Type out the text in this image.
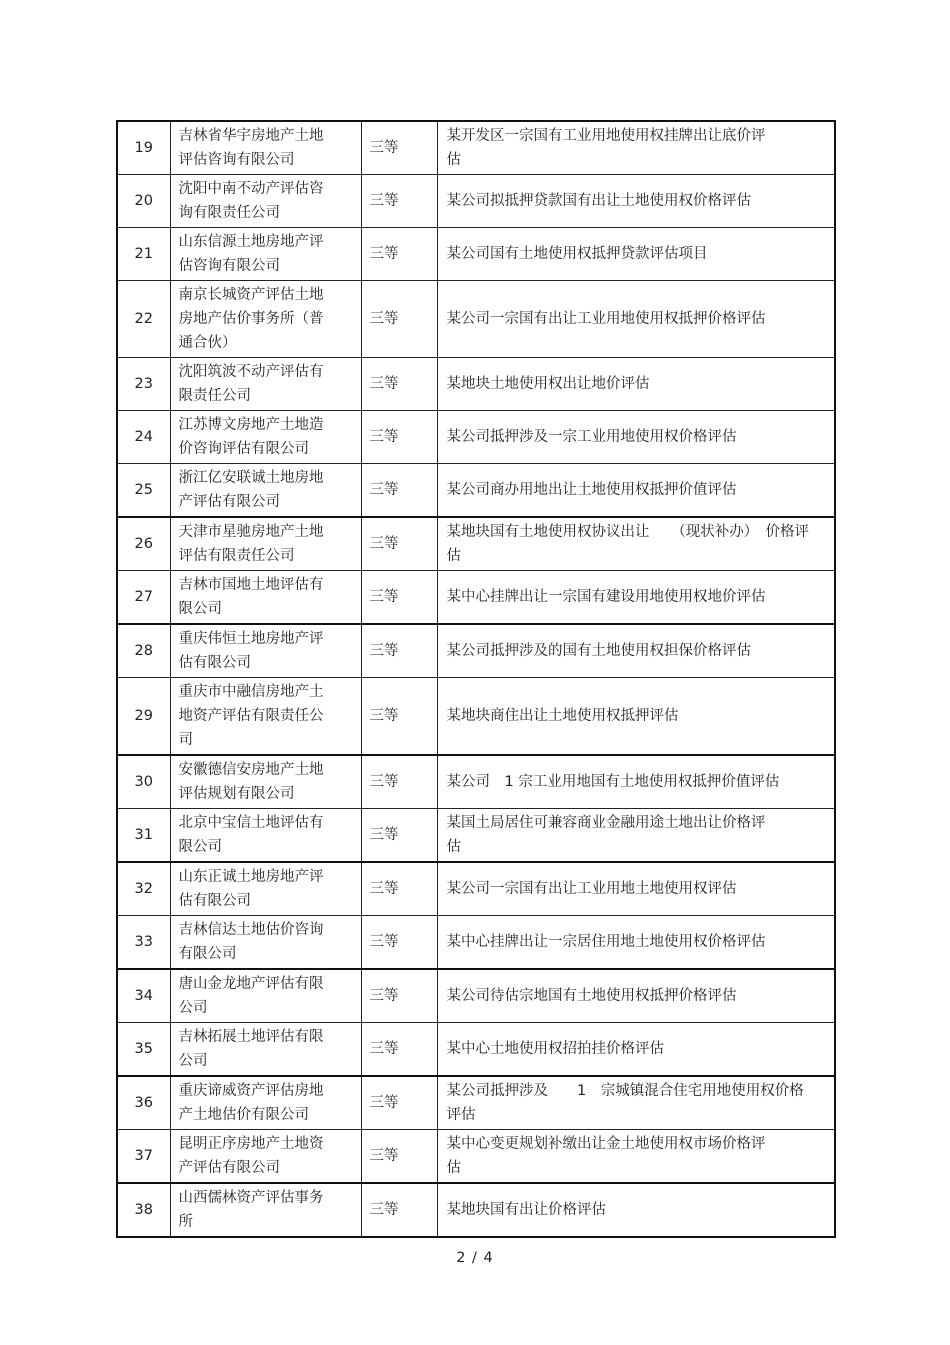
19	吉林省华宇房地产土地
评估咨询有限公司	三等	某开发区一宗国有工业用地使用权挂牌出让底价评
估

20	沈阳中南不动产评估咨
询有限责任公司	三等	某公司拟抵押贷款国有出让土地使用权价格评估

21	山东信源土地房地产评
估咨询有限公司	三等	某公司国有土地使用权抵押贷款评估项目

22	南京长城资产评估土地
房地产估价事务所（普
通合伙）	三等	某公司一宗国有出让工业用地使用权抵押价格评估

23	沈阳筑波不动产评估有
限责任公司	三等	某地块土地使用权出让地价评估

24	江苏博文房地产土地造
价咨询评估有限公司	三等	某公司抵押涉及一宗工业用地使用权价格评估

25	浙江亿安联诚土地房地
产评估有限公司	三等	某公司商办用地出让土地使用权抵押价值评估

26	天津市星驰房地产土地
评估有限责任公司	三等	某地块国有土地使用权协议出让　　（现状补办）　价格评
估

27	吉林市国地土地评估有
限公司	三等	某中心挂牌出让一宗国有建设用地使用权地价评估

28	重庆伟恒土地房地产评
估有限公司	三等	某公司抵押涉及的国有土地使用权担保价格评估

29	重庆市中融信房地产土
地资产评估有限责任公
司	三等	某地块商住出让土地使用权抵押评估

30	安徽德信安房地产土地
评估规划有限公司	三等	某公司　1 宗工业用地国有土地使用权抵押价值评估

31	北京中宝信土地评估有
限公司	三等	某国土局居住可兼容商业金融用途土地出让价格评
估

32	山东正诚土地房地产评
估有限公司	三等	某公司一宗国有出让工业用地土地使用权评估

33	吉林信达土地估价咨询
有限公司	三等	某中心挂牌出让一宗居住用地土地使用权价格评估

34	唐山金龙地产评估有限
公司	三等	某公司待估宗地国有土地使用权抵押价格评估

35	吉林拓展土地评估有限
公司	三等	某中心土地使用权招拍挂价格评估

36	重庆谛威资产评估房地
产土地估价有限公司	三等	某公司抵押涉及　　1　宗城镇混合住宅用地使用权价格
评估

37	昆明正序房地产土地资
产评估有限公司	三等	某中心变更规划补缴出让金土地使用权市场价格评
估

38	山西儒林资产评估事务
所	三等	某地块国有出让价格评估
2 / 4
